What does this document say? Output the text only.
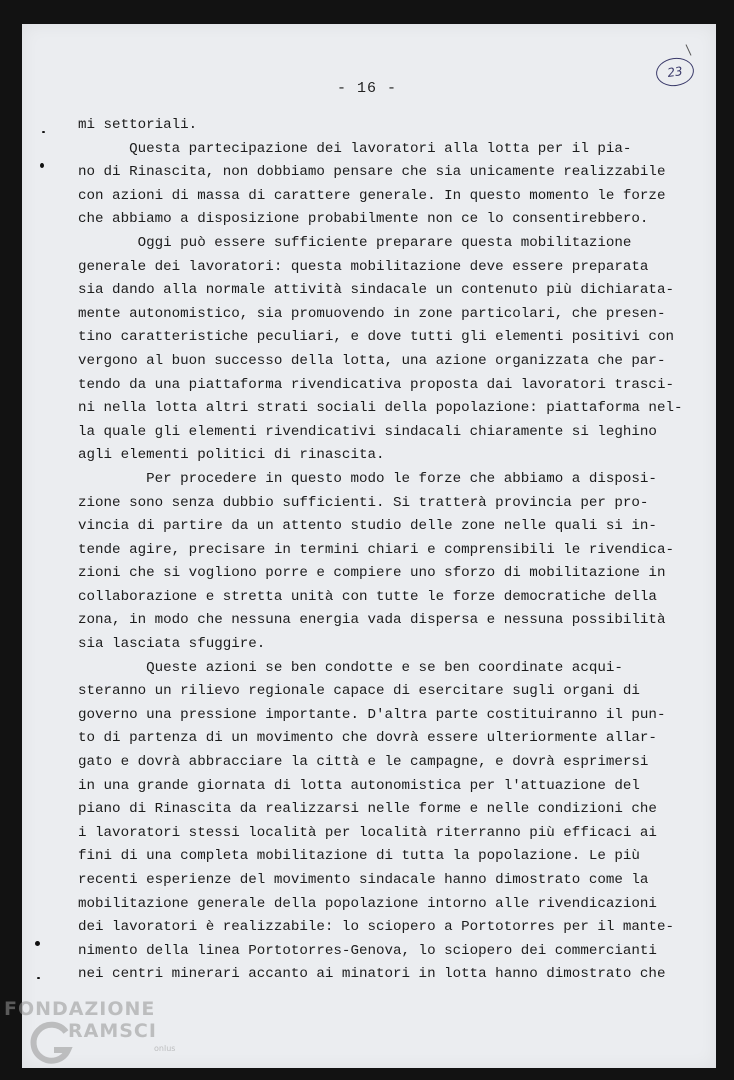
23
- 16 -
mi settoriali.
Questa partecipazione dei lavoratori alla lotta per il pia-
no di Rinascita, non dobbiamo pensare che sia unicamente realizzabile
con azioni di massa di carattere generale. In questo momento le forze
che abbiamo a disposizione probabilmente non ce lo consentirebbero.
Oggi può essere sufficiente preparare questa mobilitazione
generale dei lavoratori: questa mobilitazione deve essere preparata
sia dando alla normale attività sindacale un contenuto più dichiarata-
mente autonomistico, sia promuovendo in zone particolari, che presen-
tino caratteristiche peculiari, e dove tutti gli elementi positivi con
vergono al buon successo della lotta, una azione organizzata che par-
tendo da una piattaforma rivendicativa proposta dai lavoratori trasci-
ni nella lotta altri strati sociali della popolazione: piattaforma nel-
la quale gli elementi rivendicativi sindacali chiaramente si leghino
agli elementi politici di rinascita.
Per procedere in questo modo le forze che abbiamo a disposi-
zione sono senza dubbio sufficienti. Si tratterà provincia per pro-
vincia di partire da un attento studio delle zone nelle quali si in-
tende agire, precisare in termini chiari e comprensibili le rivendica-
zioni che si vogliono porre e compiere uno sforzo di mobilitazione in
collaborazione e stretta unità con tutte le forze democratiche della
zona, in modo che nessuna energia vada dispersa e nessuna possibilità
sia lasciata sfuggire.
Queste azioni se ben condotte e se ben coordinate acqui-
steranno un rilievo regionale capace di esercitare sugli organi di
governo una pressione importante. D'altra parte costituiranno il pun-
to di partenza di un movimento che dovrà essere ulteriormente allar-
gato e dovrà abbracciare la città e le campagne, e dovrà esprimersi
in una grande giornata di lotta autonomistica per l'attuazione del
piano di Rinascita da realizzarsi nelle forme e nelle condizioni che
i lavoratori stessi località per località riterranno più efficaci ai
fini di una completa mobilitazione di tutta la popolazione. Le più
recenti esperienze del movimento sindacale hanno dimostrato come la
mobilitazione generale della popolazione intorno alle rivendicazioni
dei lavoratori è realizzabile: lo sciopero a Portotorres per il mante-
nimento della linea Portotorres-Genova, lo sciopero dei commercianti
nei centri minerari accanto ai minatori in lotta hanno dimostrato che
FONDAZIONE
RAMSCI
onlus
